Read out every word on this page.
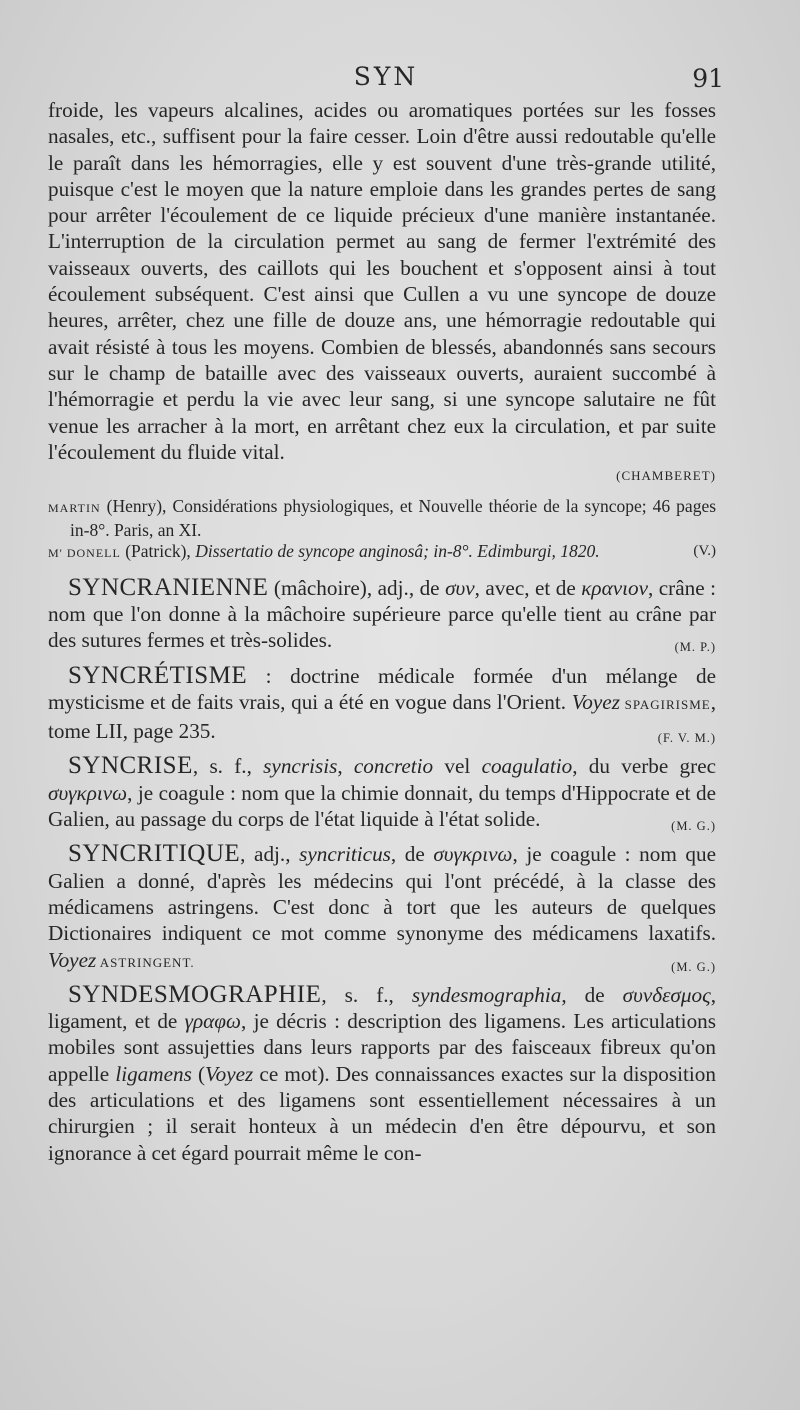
SYN	91

froide, les vapeurs alcalines, acides ou aromatiques portées sur les fosses nasales, etc., suffisent pour la faire cesser. Loin d'être aussi redoutable qu'elle le paraît dans les hémorragies, elle y est souvent d'une très-grande utilité, puisque c'est le moyen que la nature emploie dans les grandes pertes de sang pour arrêter l'écoulement de ce liquide précieux d'une manière instantanée. L'interruption de la circulation permet au sang de fermer l'extrémité des vaisseaux ouverts, des caillots qui les bouchent et s'opposent ainsi à tout écoulement subséquent. C'est ainsi que Cullen a vu une syncope de douze heures, arrêter, chez une fille de douze ans, une hémorragie redoutable qui avait résisté à tous les moyens. Combien de blessés, abandonnés sans secours sur le champ de bataille avec des vaisseaux ouverts, auraient succombé à l'hémorragie et perdu la vie avec leur sang, si une syncope salutaire ne fût venue les arracher à la mort, en arrêtant chez eux la circulation, et par suite l'écoulement du fluide vital.

(CHAMBERET)

MARTIN (Henry), Considérations physiologiques, et Nouvelle théorie de la syncope; 46 pages in-8°. Paris, an XI.

(V.)
M' DONELL (Patrick), Dissertatio de syncope anginosâ; in-8°. Edimburgi, 1820.

SYNCRANIENNE (mâchoire), adj., de συν, avec, et de κρανιον, crâne : nom que l'on donne à la mâchoire supérieure parce qu'elle tient au crâne par des sutures fermes et très-solides.	(M. P.)

SYNCRÉTISME : doctrine médicale formée d'un mélange de mysticisme et de faits vrais, qui a été en vogue dans l'Orient. Voyez SPAGIRISME, tome LII, page 235.	(F. V. M.)

SYNCRISE, s. f., syncrisis, concretio vel coagulatio, du verbe grec συγκρινω, je coagule : nom que la chimie donnait, du temps d'Hippocrate et de Galien, au passage du corps de l'état liquide à l'état solide.	(M. G.)

SYNCRITIQUE, adj., syncriticus, de συγκρινω, je coagule : nom que Galien a donné, d'après les médecins qui l'ont précédé, à la classe des médicamens astringens. C'est donc à tort que les auteurs de quelques Dictionaires indiquent ce mot comme synonyme des médicamens laxatifs. Voyez ASTRINGENT.	(M. G.)

SYNDESMOGRAPHIE, s. f., syndesmographia, de συνδεσμος, ligament, et de γραφω, je décris : description des ligamens. Les articulations mobiles sont assujetties dans leurs rapports par des faisceaux fibreux qu'on appelle ligamens (Voyez ce mot). Des connaissances exactes sur la disposition des articulations et des ligamens sont essentiellement nécessaires à un chirurgien ; il serait honteux à un médecin d'en être dépourvu, et son ignorance à cet égard pourrait même le con-
